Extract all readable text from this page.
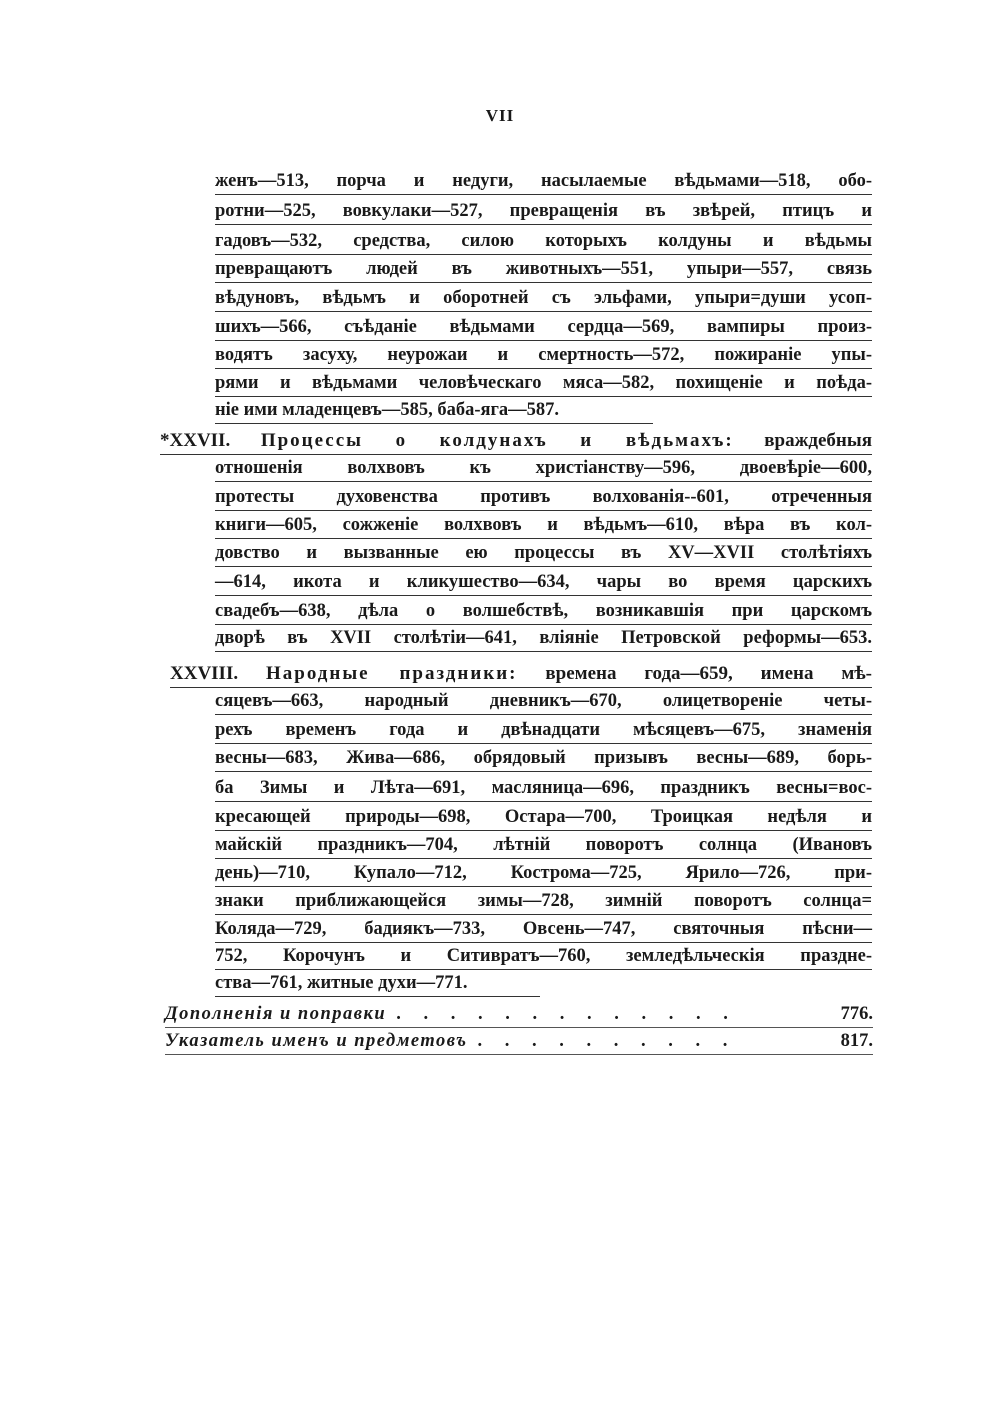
VII
женъ—513, порча и недуги, насылаемые вѣдьмами—518, обо-
ротни—525, вовкулаки—527, превращенія въ звѣрей, птицъ и
гадовъ—532, средства, силою которыхъ колдуны и вѣдьмы
превращаютъ людей въ животныхъ—551, упыри—557, связь
вѣдуновъ, вѣдьмъ и оборотней съ эльфами, упыри=души усоп-
шихъ—566, съѣданіе вѣдьмами сердца—569, вампиры произ-
водятъ засуху, неурожаи и смертность—572, пожираніе упы-
рями и вѣдьмами человѣческаго мяса—582, похищеніе и поѣда-
ніе ими младенцевъ—585, баба-яга—587.
*XXVII. Процессы о колдунахъ и вѣдьмахъ: враждебныя
отношенія волхвовъ къ христіанству—596, двоевѣріе—600,
протесты духовенства противъ волхованія--601, отреченныя
книги—605, сожженіе волхвовъ и вѣдьмъ—610, вѣра въ кол-
довство и вызванные ею процессы въ XV—XVII столѣтіяхъ
—614, икота и кликушество—634, чары во время царскихъ
свадебъ—638, дѣла о волшебствѣ, возникавшія при царскомъ
дворѣ въ XVII столѣтіи—641, вліяніе Петровской реформы—653.
XXVIII. Народные праздники: времена года—659, имена мѣ-
сяцевъ—663, народный дневникъ—670, олицетвореніе четы-
рехъ временъ года и двѣнадцати мѣсяцевъ—675, знаменія
весны—683, Жива—686, обрядовый призывъ весны—689, борь-
ба Зимы и Лѣта—691, масляница—696, праздникъ весны=вос-
кресающей природы—698, Остара—700, Троицкая недѣля и
майскій праздникъ—704, лѣтній поворотъ солнца (Ивановъ
день)—710, Купало—712, Кострома—725, Ярило—726, при-
знаки приближающейся зимы—728, зимній поворотъ солнца=
Коляда—729, бадиякъ—733, Овсень—747, святочныя пѣсни—
752, Корочунъ и Ситивратъ—760, земледѣльческія праздне-
ства—761, житные духи—771.
Дополненія и поправки . . . . . . . . . . . . .	776.
Указатель именъ и предметовъ . . . . . . . . . .	817.
